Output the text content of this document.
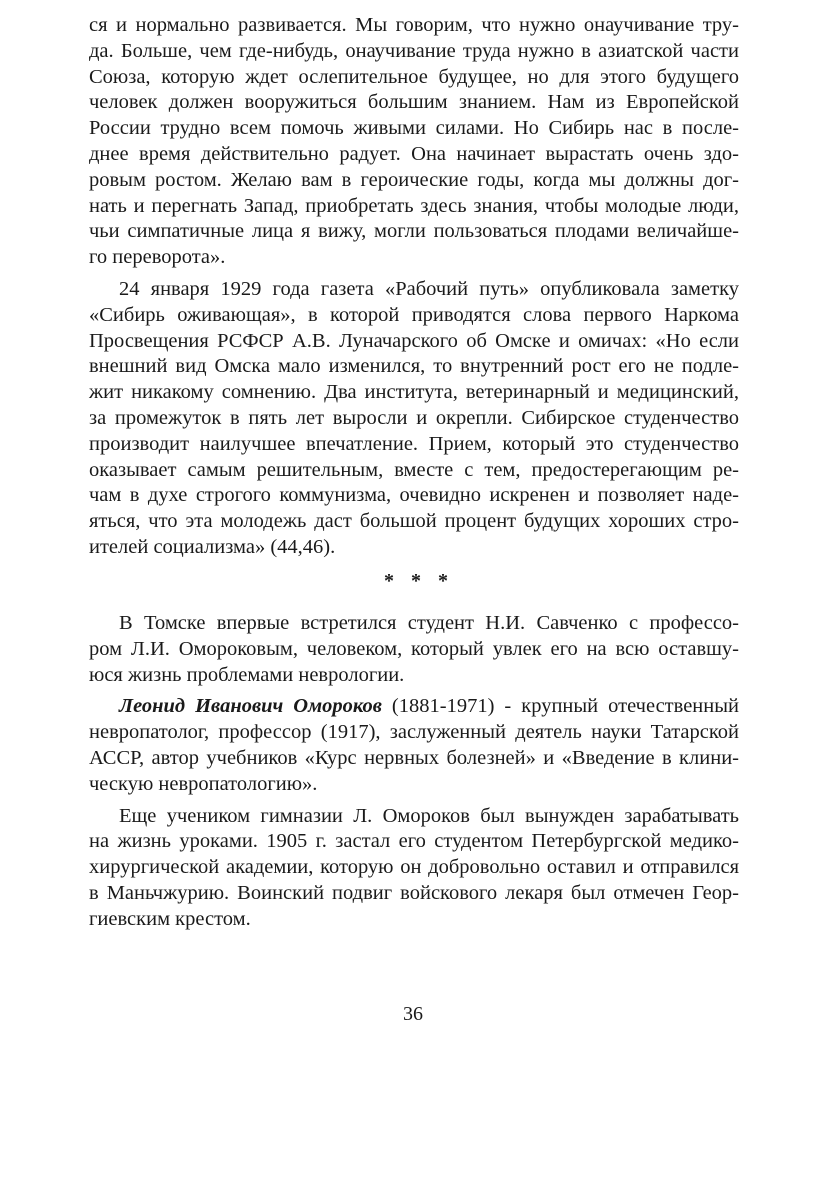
ся и нормально развивается. Мы говорим, что нужно онаучивание тру-
да. Больше, чем где-нибудь, онаучивание труда нужно в азиатской части
Союза, которую ждет ослепительное будущее, но для этого будущего
человек должен вооружиться большим знанием. Нам из Европейской
России трудно всем помочь живыми силами. Но Сибирь нас в после-
днее время действительно радует. Она начинает вырастать очень здо-
ровым ростом. Желаю вам в героические годы, когда мы должны дог-
нать и перегнать Запад, приобретать здесь знания, чтобы молодые люди,
чьи симпатичные лица я вижу, могли пользоваться плодами величайше-
го переворота».
24 января 1929 года газета «Рабочий путь» опубликовала заметку
«Сибирь оживающая», в которой приводятся слова первого Наркома
Просвещения РСФСР А.В. Луначарского об Омске и омичах: «Но если
внешний вид Омска мало изменился, то внутренний рост его не подле-
жит никакому сомнению. Два института, ветеринарный и медицинский,
за промежуток в пять лет выросли и окрепли. Сибирское студенчество
производит наилучшее впечатление. Прием, который это студенчество
оказывает самым решительным, вместе с тем, предостерегающим ре-
чам в духе строгого коммунизма, очевидно искренен и позволяет наде-
яться, что эта молодежь даст большой процент будущих хороших стро-
ителей социализма» (44,46).
* * *
В Томске впервые встретился студент Н.И. Савченко с профессо-
ром Л.И. Омороковым, человеком, который увлек его на всю оставшу-
юся жизнь проблемами неврологии.
Леонид Иванович Омороков (1881-1971) - крупный отечественный
невропатолог, профессор (1917), заслуженный деятель науки Татарской
АССР, автор учебников «Курс нервных болезней» и «Введение в клини-
ческую невропатологию».
Еще учеником гимназии Л. Омороков был вынужден зарабатывать
на жизнь уроками. 1905 г. застал его студентом Петербургской медико-
хирургической академии, которую он добровольно оставил и отправился
в Маньчжурию. Воинский подвиг войскового лекаря был отмечен Геор-
гиевским крестом.
36
